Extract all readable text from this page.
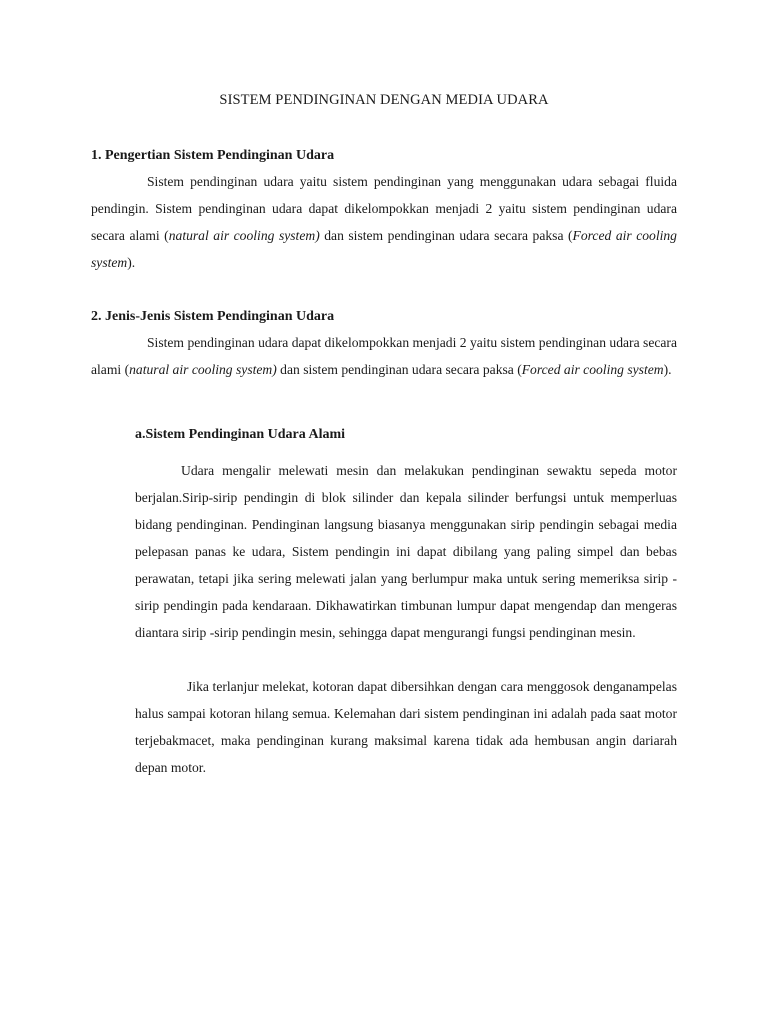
SISTEM PENDINGINAN DENGAN MEDIA UDARA
1. Pengertian Sistem Pendinginan Udara

Sistem pendinginan udara yaitu sistem pendinginan yang menggunakan udara sebagai fluida pendingin. Sistem pendinginan udara dapat dikelompokkan menjadi 2 yaitu sistem pendinginan udara secara alami (natural air cooling system) dan sistem pendinginan udara secara paksa (Forced air cooling system).

2. Jenis-Jenis Sistem Pendinginan Udara

Sistem pendinginan udara dapat dikelompokkan menjadi 2 yaitu sistem pendinginan udara secara alami (natural air cooling system) dan sistem pendinginan udara secara paksa (Forced air cooling system).

a.Sistem Pendinginan Udara Alami

Udara mengalir melewati mesin dan melakukan pendinginan sewaktu sepeda motor berjalan.Sirip-sirip pendingin di blok silinder dan kepala silinder berfungsi untuk memperluas bidang pendinginan. Pendinginan langsung biasanya menggunakan sirip pendingin sebagai media pelepasan panas ke udara, Sistem pendingin ini dapat dibilang yang paling simpel dan bebas perawatan, tetapi jika sering melewati jalan yang berlumpur maka untuk sering memeriksa sirip - sirip pendingin pada kendaraan. Dikhawatirkan timbunan lumpur dapat mengendap dan mengeras diantara sirip -sirip pendingin mesin, sehingga dapat mengurangi fungsi pendinginan mesin.

Jika terlanjur melekat, kotoran dapat dibersihkan dengan cara menggosok denganampelas halus sampai kotoran hilang semua. Kelemahan dari sistem pendinginan ini adalah pada saat motor terjebakmacet, maka pendinginan kurang maksimal karena tidak ada hembusan angin dariarah depan motor.
